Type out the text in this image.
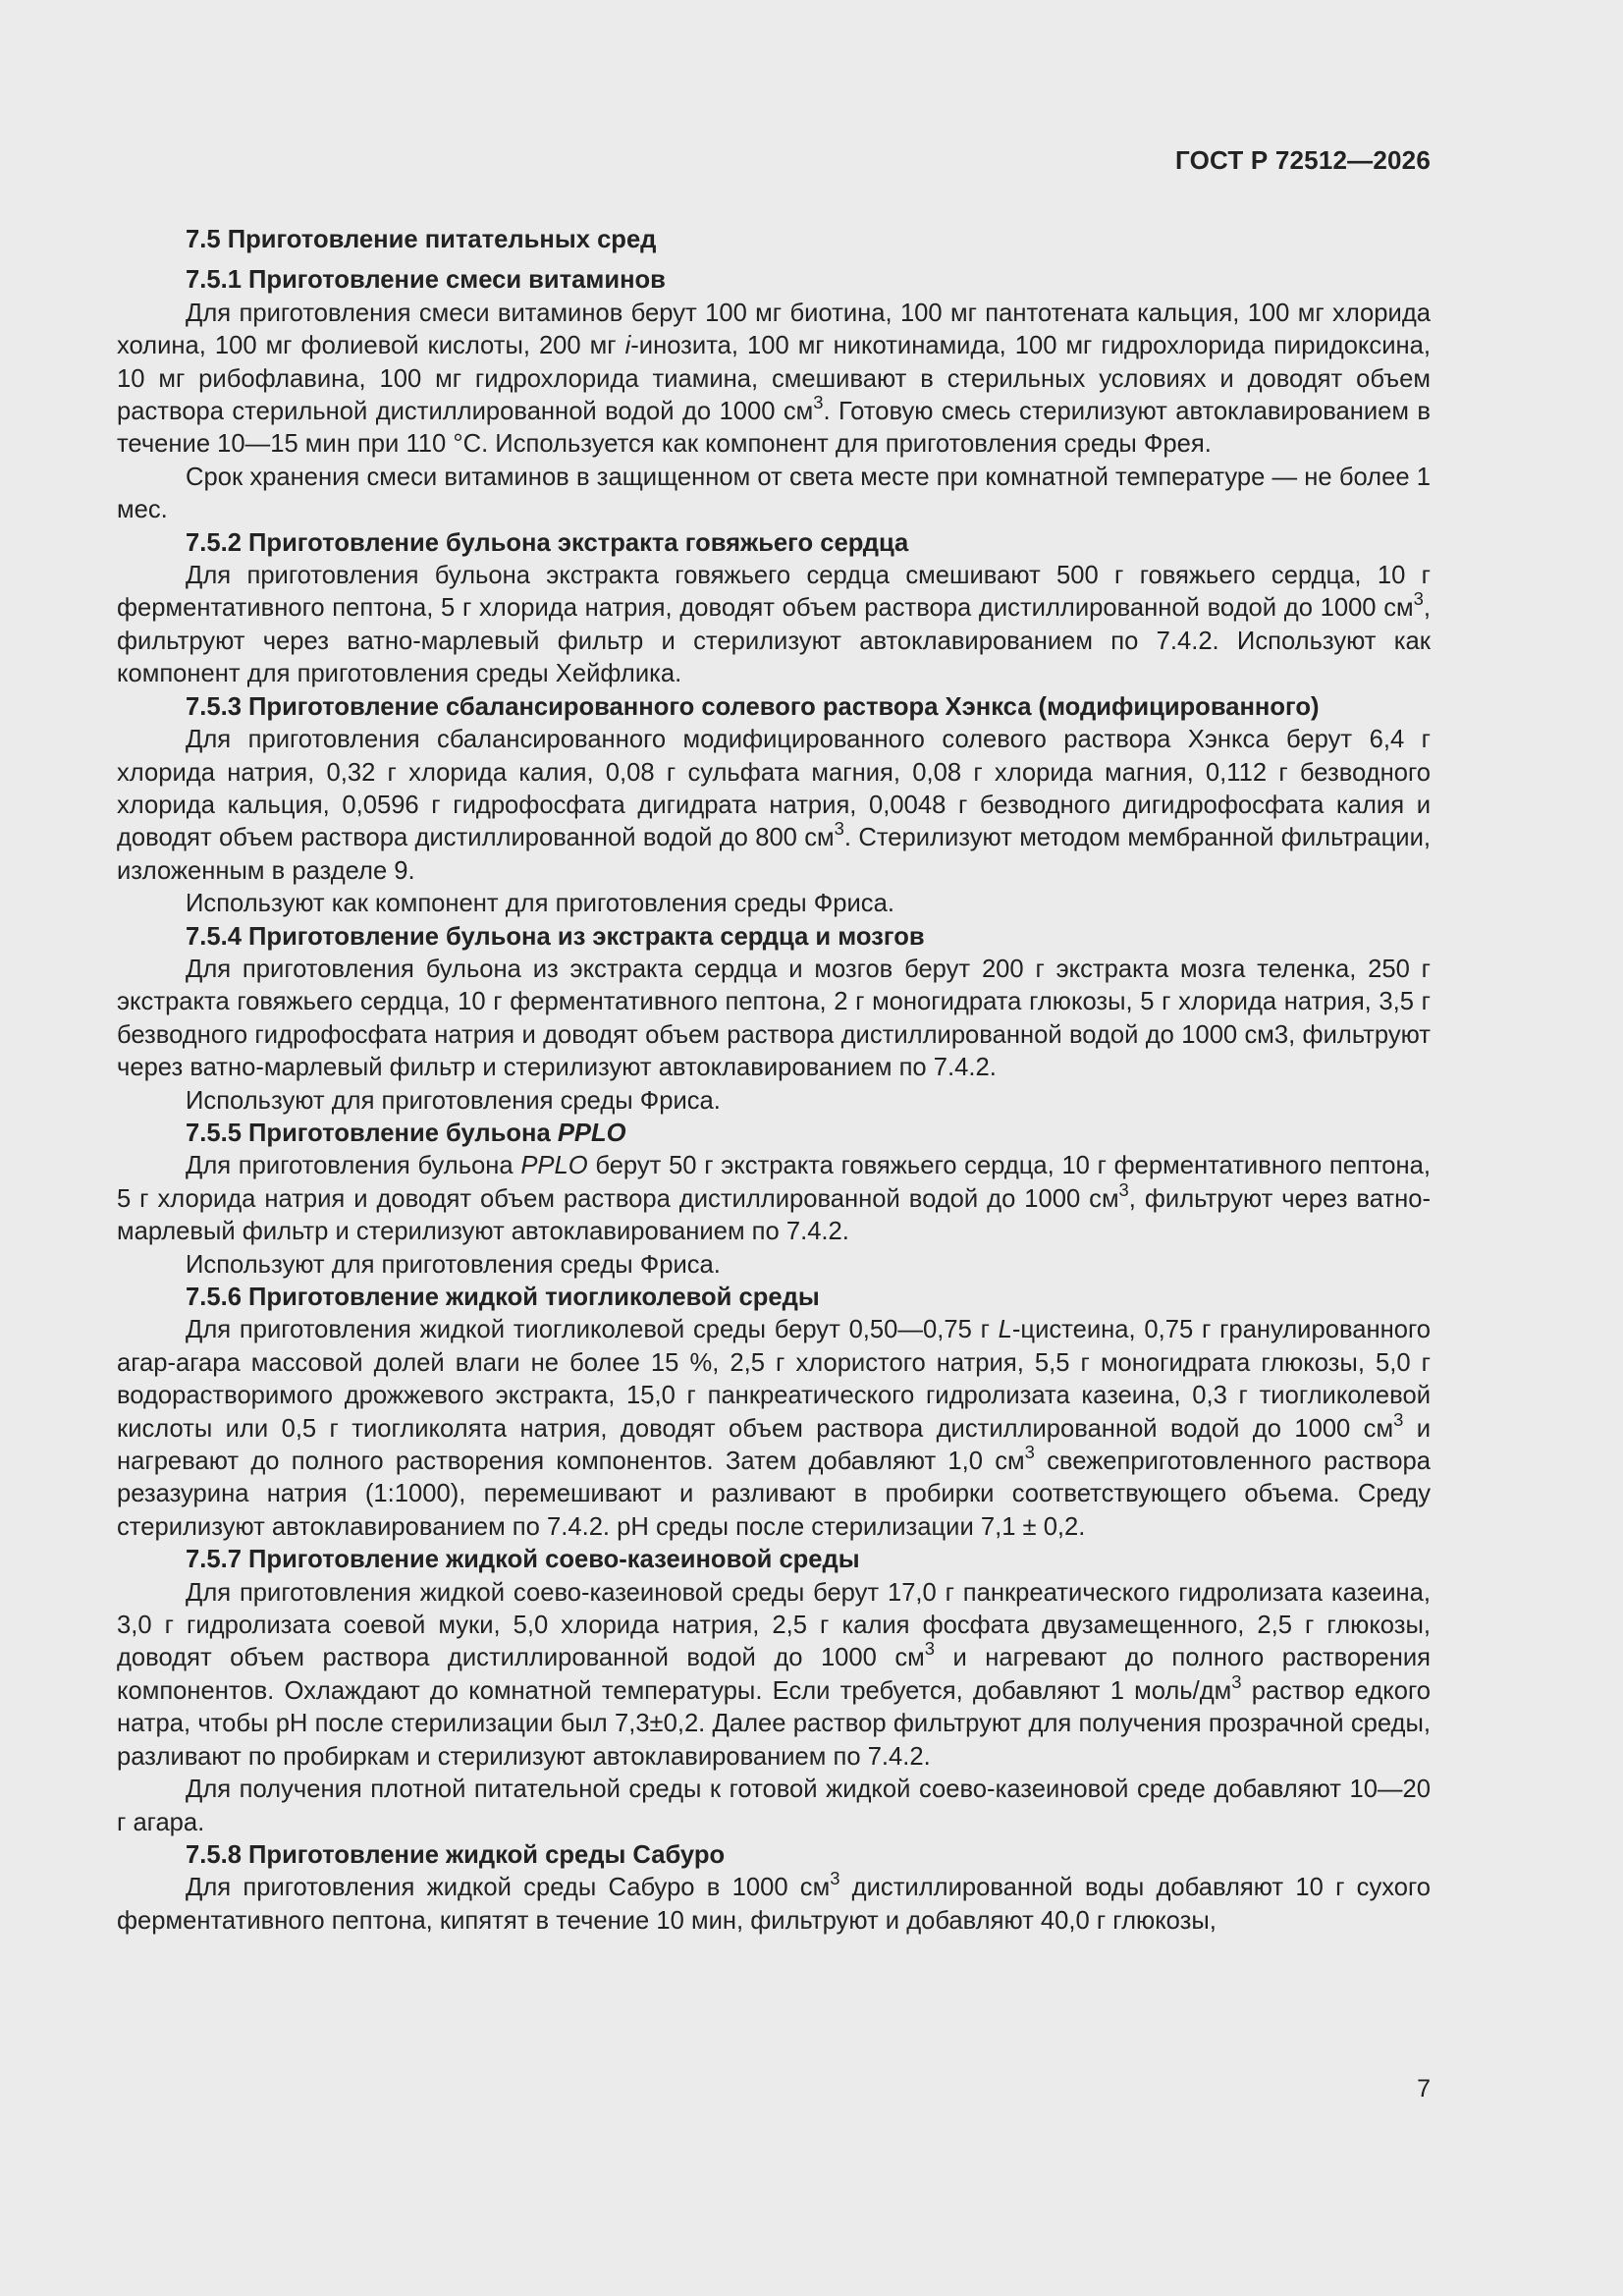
ГОСТ Р 72512—2026
7.5 Приготовление питательных сред
7.5.1 Приготовление смеси витаминов

Для приготовления смеси витаминов берут 100 мг биотина, 100 мг пантотената кальция, 100 мг хлорида холина, 100 мг фолиевой кислоты, 200 мг i-инозита, 100 мг никотинамида, 100 мг гидрохлорида пиридоксина, 10 мг рибофлавина, 100 мг гидрохлорида тиамина, смешивают в стерильных условиях и доводят объем раствора стерильной дистиллированной водой до 1000 $см^3$. Готовую смесь стерилизуют автоклавированием в течение 10—15 мин при 110 °C. Используется как компонент для приготовления среды Фрея.

Срок хранения смеси витаминов в защищенном от света месте при комнатной температуре — не более 1 мес.

7.5.2 Приготовление бульона экстракта говяжьего сердца

Для приготовления бульона экстракта говяжьего сердца смешивают 500 г говяжьего сердца, 10 г ферментативного пептона, 5 г хлорида натрия, доводят объем раствора дистиллированной водой до 1000 $см^3$, фильтруют через ватно-марлевый фильтр и стерилизуют автоклавированием по 7.4.2. Используют как компонент для приготовления среды Хейфлика.

7.5.3 Приготовление сбалансированного солевого раствора Хэнкса (модифицированного)

Для приготовления сбалансированного модифицированного солевого раствора Хэнкса берут 6,4 г хлорида натрия, 0,32 г хлорида калия, 0,08 г сульфата магния, 0,08 г хлорида магния, 0,112 г безводного хлорида кальция, 0,0596 г гидрофосфата дигидрата натрия, 0,0048 г безводного дигидрофосфата калия и доводят объем раствора дистиллированной водой до 800 $см^3$. Стерилизуют методом мембранной фильтрации, изложенным в разделе 9.

Используют как компонент для приготовления среды Фриса.

7.5.4 Приготовление бульона из экстракта сердца и мозгов

Для приготовления бульона из экстракта сердца и мозгов берут 200 г экстракта мозга теленка, 250 г экстракта говяжьего сердца, 10 г ферментативного пептона, 2 г моногидрата глюкозы, 5 г хлорида натрия, 3,5 г безводного гидрофосфата натрия и доводят объем раствора дистиллированной водой до 1000 см3, фильтруют через ватно-марлевый фильтр и стерилизуют автоклавированием по 7.4.2.

Используют для приготовления среды Фриса.

7.5.5 Приготовление бульона PPLO

Для приготовления бульона PPLO берут 50 г экстракта говяжьего сердца, 10 г ферментативного пептона, 5 г хлорида натрия и доводят объем раствора дистиллированной водой до 1000 $см^3$, фильтруют через ватно-марлевый фильтр и стерилизуют автоклавированием по 7.4.2.

Используют для приготовления среды Фриса.

7.5.6 Приготовление жидкой тиогликолевой среды

Для приготовления жидкой тиогликолевой среды берут 0,50—0,75 г L-цистеина, 0,75 г гранулированного агар-агара массовой долей влаги не более 15 %, 2,5 г хлористого натрия, 5,5 г моногидрата глюкозы, 5,0 г водорастворимого дрожжевого экстракта, 15,0 г панкреатического гидролизата казеина, 0,3 г тиогликолевой кислоты или 0,5 г тиогликолята натрия, доводят объем раствора дистиллированной водой до 1000 $см^3$ и нагревают до полного растворения компонентов. Затем добавляют 1,0 $см^3$ свежеприготовленного раствора резазурина натрия (1:1000), перемешивают и разливают в пробирки соответствующего объема. Среду стерилизуют автоклавированием по 7.4.2. рН среды после стерилизации 7,1 ± 0,2.

7.5.7 Приготовление жидкой соево-казеиновой среды

Для приготовления жидкой соево-казеиновой среды берут 17,0 г панкреатического гидролизата казеина, 3,0 г гидролизата соевой муки, 5,0 хлорида натрия, 2,5 г калия фосфата двузамещенного, 2,5 г глюкозы, доводят объем раствора дистиллированной водой до 1000 $см^3$ и нагревают до полного растворения компонентов. Охлаждают до комнатной температуры. Если требуется, добавляют 1 моль/$дм^3$ раствор едкого натра, чтобы рН после стерилизации был 7,3±0,2. Далее раствор фильтруют для получения прозрачной среды, разливают по пробиркам и стерилизуют автоклавированием по 7.4.2.

Для получения плотной питательной среды к готовой жидкой соево-казеиновой среде добавляют 10—20 г агара.

7.5.8 Приготовление жидкой среды Сабуро

Для приготовления жидкой среды Сабуро в 1000 $см^3$ дистиллированной воды добавляют 10 г сухого ферментативного пептона, кипятят в течение 10 мин, фильтруют и добавляют 40,0 г глюкозы,

7
